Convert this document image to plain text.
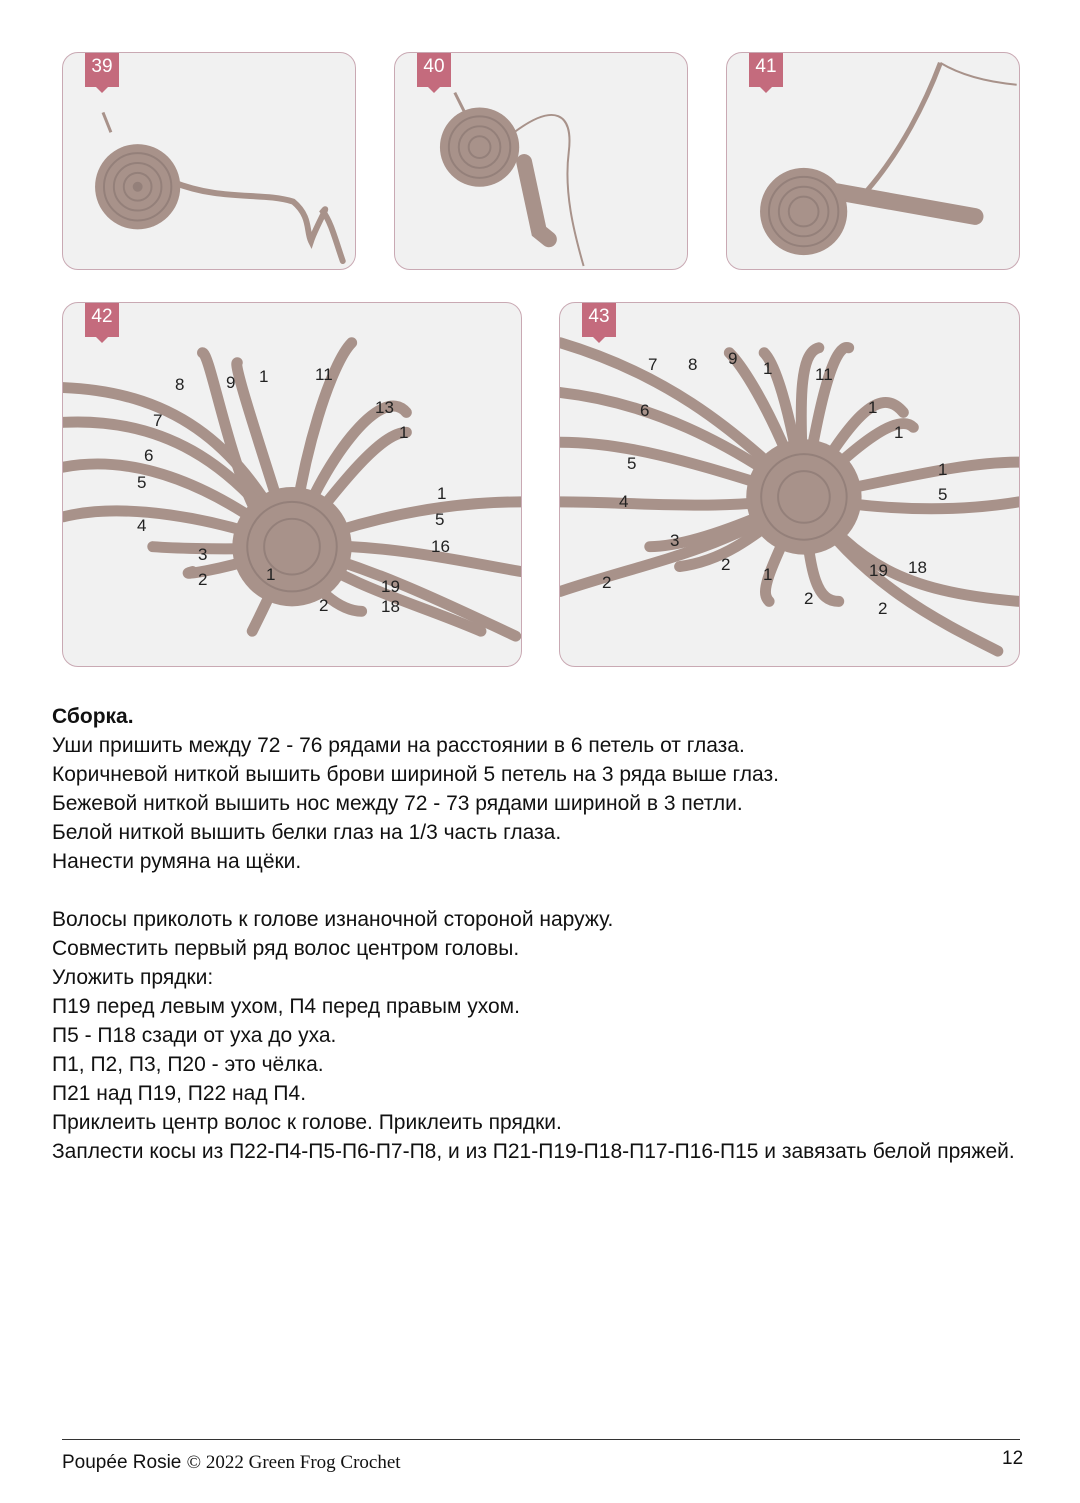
39	40	41
42
8 9 1	11
13
1
7
6
5
4
3
2	1
2
19
18
16
5
1
43
7 8 9
1	11
1
1
6
5
4
3
2
2
1
2
19 18
2
1
5

Сборка.

Уши пришить между 72 - 76 рядами на расстоянии в 6 петель от глаза.

Коричневой ниткой вышить брови шириной 5 петель на 3 ряда выше глаз.

Бежевой ниткой вышить нос между 72 - 73 рядами шириной в 3 петли.

Белой ниткой вышить белки глаз на 1/3 часть глаза.

Нанести румяна на щёки.

Волосы приколоть к голове изнаночной стороной наружу.

Совместить первый ряд волос центром головы.

Уложить прядки:

П19 перед левым ухом, П4 перед правым ухом.

П5 - П18 сзади от уха до уха.

П1, П2, П3, П20 - это чёлка.

П21 над П19, П22 над П4.

Приклеить центр волос к голове. Приклеить прядки.

Заплести косы из П22-П4-П5-П6-П7-П8, и из П21-П19-П18-П17-П16-П15 и завязать белой пряжей.

Poupée Rosie © 2022 Green Frog Crochet	12
